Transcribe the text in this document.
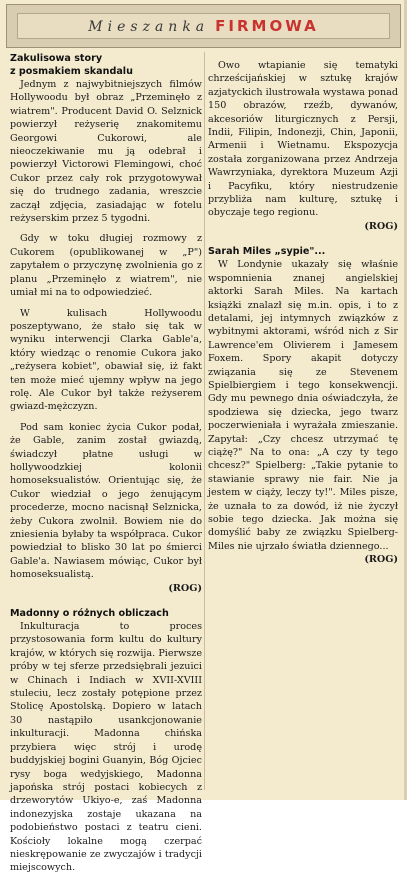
Mieszanka FIRMOWA

Zakulisowa story

z posmakiem skandalu

Jednym z najwybitniejszych filmów Hollywoodu był obraz „Przeminęło z wiatrem". Producent David O. Selznick powierzył reżyserię znakomitemu Georgowi Cukorowi, ale nieoczekiwanie mu ją odebrał i powierzył Victorowi Flemingowi, choć Cukor przez cały rok przygotowywał się do trudnego zadania, wreszcie zaczął zdjęcia, zasiadając w fotelu reżyserskim przez 5 tygodni.

Gdy w toku długiej rozmowy z Cukorem (opublikowanej w „P") zapytałem o przyczynę zwolnienia go z planu „Przeminęło z wiatrem", nie umiał mi na to odpowiedzieć.

W kulisach Hollywoodu poszeptywano, że stało się tak w wyniku interwencji Clarka Gable'a, który wiedząc o renomie Cukora jako „reżysera kobiet", obawiał się, iż fakt ten może mieć ujemny wpływ na jego rolę. Ale Cukor był także reżyserem gwiazd-mężczyzn.

Pod sam koniec życia Cukor podał, że Gable, zanim został gwiazdą, świadczył płatne usługi w hollywoodzkiej kolonii homoseksualistów. Orientując się, że Cukor wiedział o jego żenującym procederze, mocno nacisnął Selznicka, żeby Cukora zwolnił. Bowiem nie do zniesienia byłaby ta współpraca. Cukor powiedział to blisko 30 lat po śmierci Gable'a. Nawiasem mówiąc, Cukor był homoseksualistą.

(ROG)

Madonny o różnych obliczach

Inkulturacja to proces przystosowania form kultu do kultury krajów, w których się rozwija. Pierwsze próby w tej sferze przedsiębrali jezuici w Chinach i Indiach w XVII-XVIII stuleciu, lecz zostały potępione przez Stolicę Apostolską. Dopiero w latach 30 nastąpiło usankcjonowanie inkulturacji. Madonna chińska przybiera więc strój i urodę buddyjskiej bogini Guanyin, Bóg Ojciec rysy boga wedyjskiego, Madonna japońska strój postaci kobiecych z drzeworytów Ukiyo-e, zaś Madonna indonezyjska zostaje ukazana na podobieństwo postaci z teatru cieni. Kościoły lokalne mogą czerpać nieskrępowanie ze zwyczajów i tradycji miejscowych.

Owo wtapianie się tematyki chrześcijańskiej w sztukę krajów azjatyckich ilustrowała wystawa ponad 150 obrazów, rzeźb, dywanów, akcesoriów liturgicznych z Persji, Indii, Filipin, Indonezji, Chin, Japonii, Armenii i Wietnamu. Ekspozycja została zorganizowana przez Andrzeja Wawrzyniaka, dyrektora Muzeum Azji i Pacyfiku, który niestrudzenie przybliża nam kulturę, sztukę i obyczaje tego regionu.

(ROG)

Sarah Miles „sypie"...

W Londynie ukazały się właśnie wspomnienia znanej angielskiej aktorki Sarah Miles. Na kartach książki znalazł się m.in. opis, i to z detalami, jej intymnych związków z wybitnymi aktorami, wśród nich z Sir Lawrence'em Olivierem i Jamesem Foxem. Spory akapit dotyczy związania się ze Stevenem Spielbiergiem i tego konsekwencji. Gdy mu pewnego dnia oświadczyła, że spodziewa się dziecka, jego twarz poczerwieniała i wyrażała zmieszanie. Zapytał: „Czy chcesz utrzymać tę ciążę?" Na to ona: „A czy ty tego chcesz?" Spielberg: „Takie pytanie to stawianie sprawy nie fair. Nie ja jestem w ciąży, leczy ty!". Miles pisze, że uznała to za dowód, iż nie życzył sobie tego dziecka. Jak można się domyślić baby ze związku Spielberg-Miles nie ujrzało światła dziennego...

(ROG)
